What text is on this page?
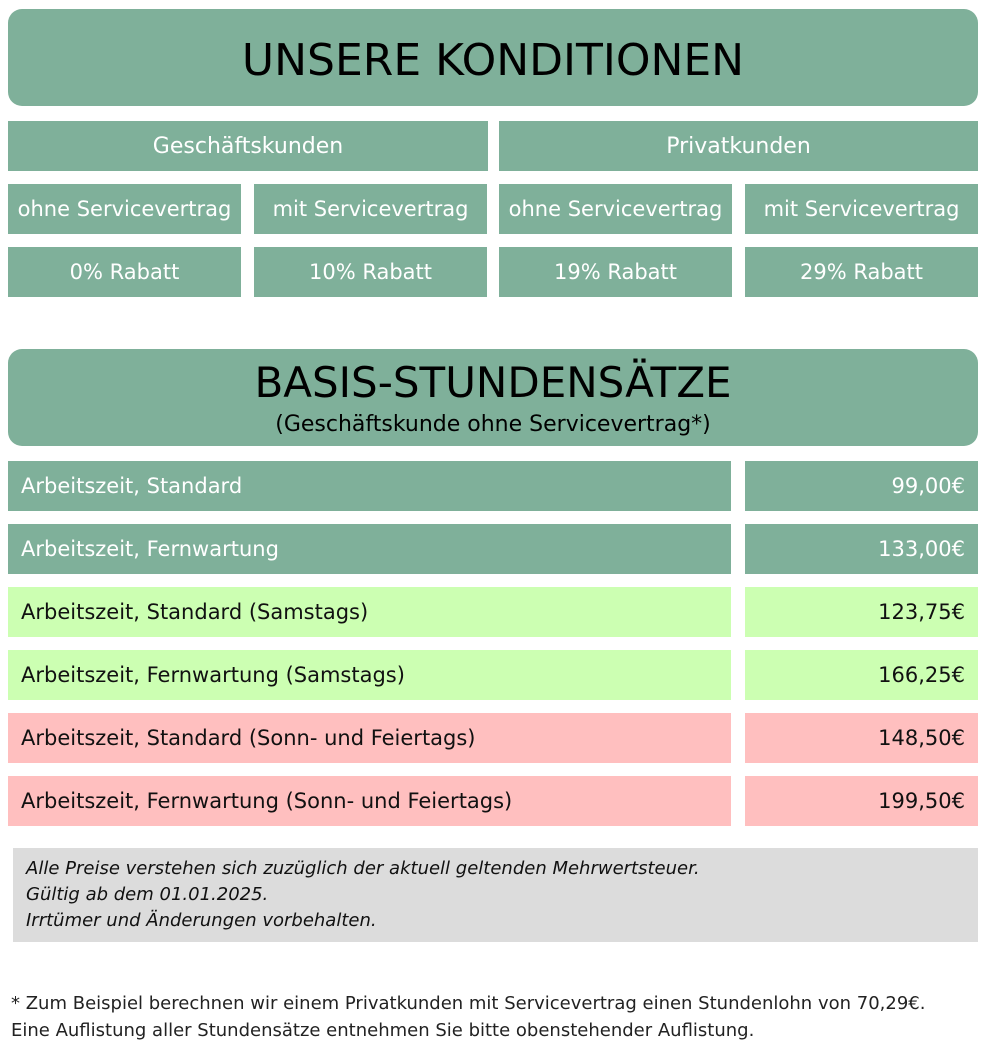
UNSERE KONDITIONEN
Geschäftskunden	Privatkunden
ohne Servicevertrag	mit Servicevertrag	ohne Servicevertrag	mit Servicevertrag
0% Rabatt	10% Rabatt	19% Rabatt	29% Rabatt
BASIS-STUNDENSÄTZE
(Geschäftskunde ohne Servicevertrag*)
Arbeitszeit, Standard	99,00€
Arbeitszeit, Fernwartung	133,00€
Arbeitszeit, Standard (Samstags)	123,75€
Arbeitszeit, Fernwartung (Samstags)	166,25€
Arbeitszeit, Standard (Sonn- und Feiertags)	148,50€
Arbeitszeit, Fernwartung (Sonn- und Feiertags)	199,50€
Alle Preise verstehen sich zuzüglich der aktuell geltenden Mehrwertsteuer.
Gültig ab dem 01.01.2025.
Irrtümer und Änderungen vorbehalten.
* Zum Beispiel berechnen wir einem Privatkunden mit Servicevertrag einen Stundenlohn von 70,29€.
Eine Auflistung aller Stundensätze entnehmen Sie bitte obenstehender Auflistung.
